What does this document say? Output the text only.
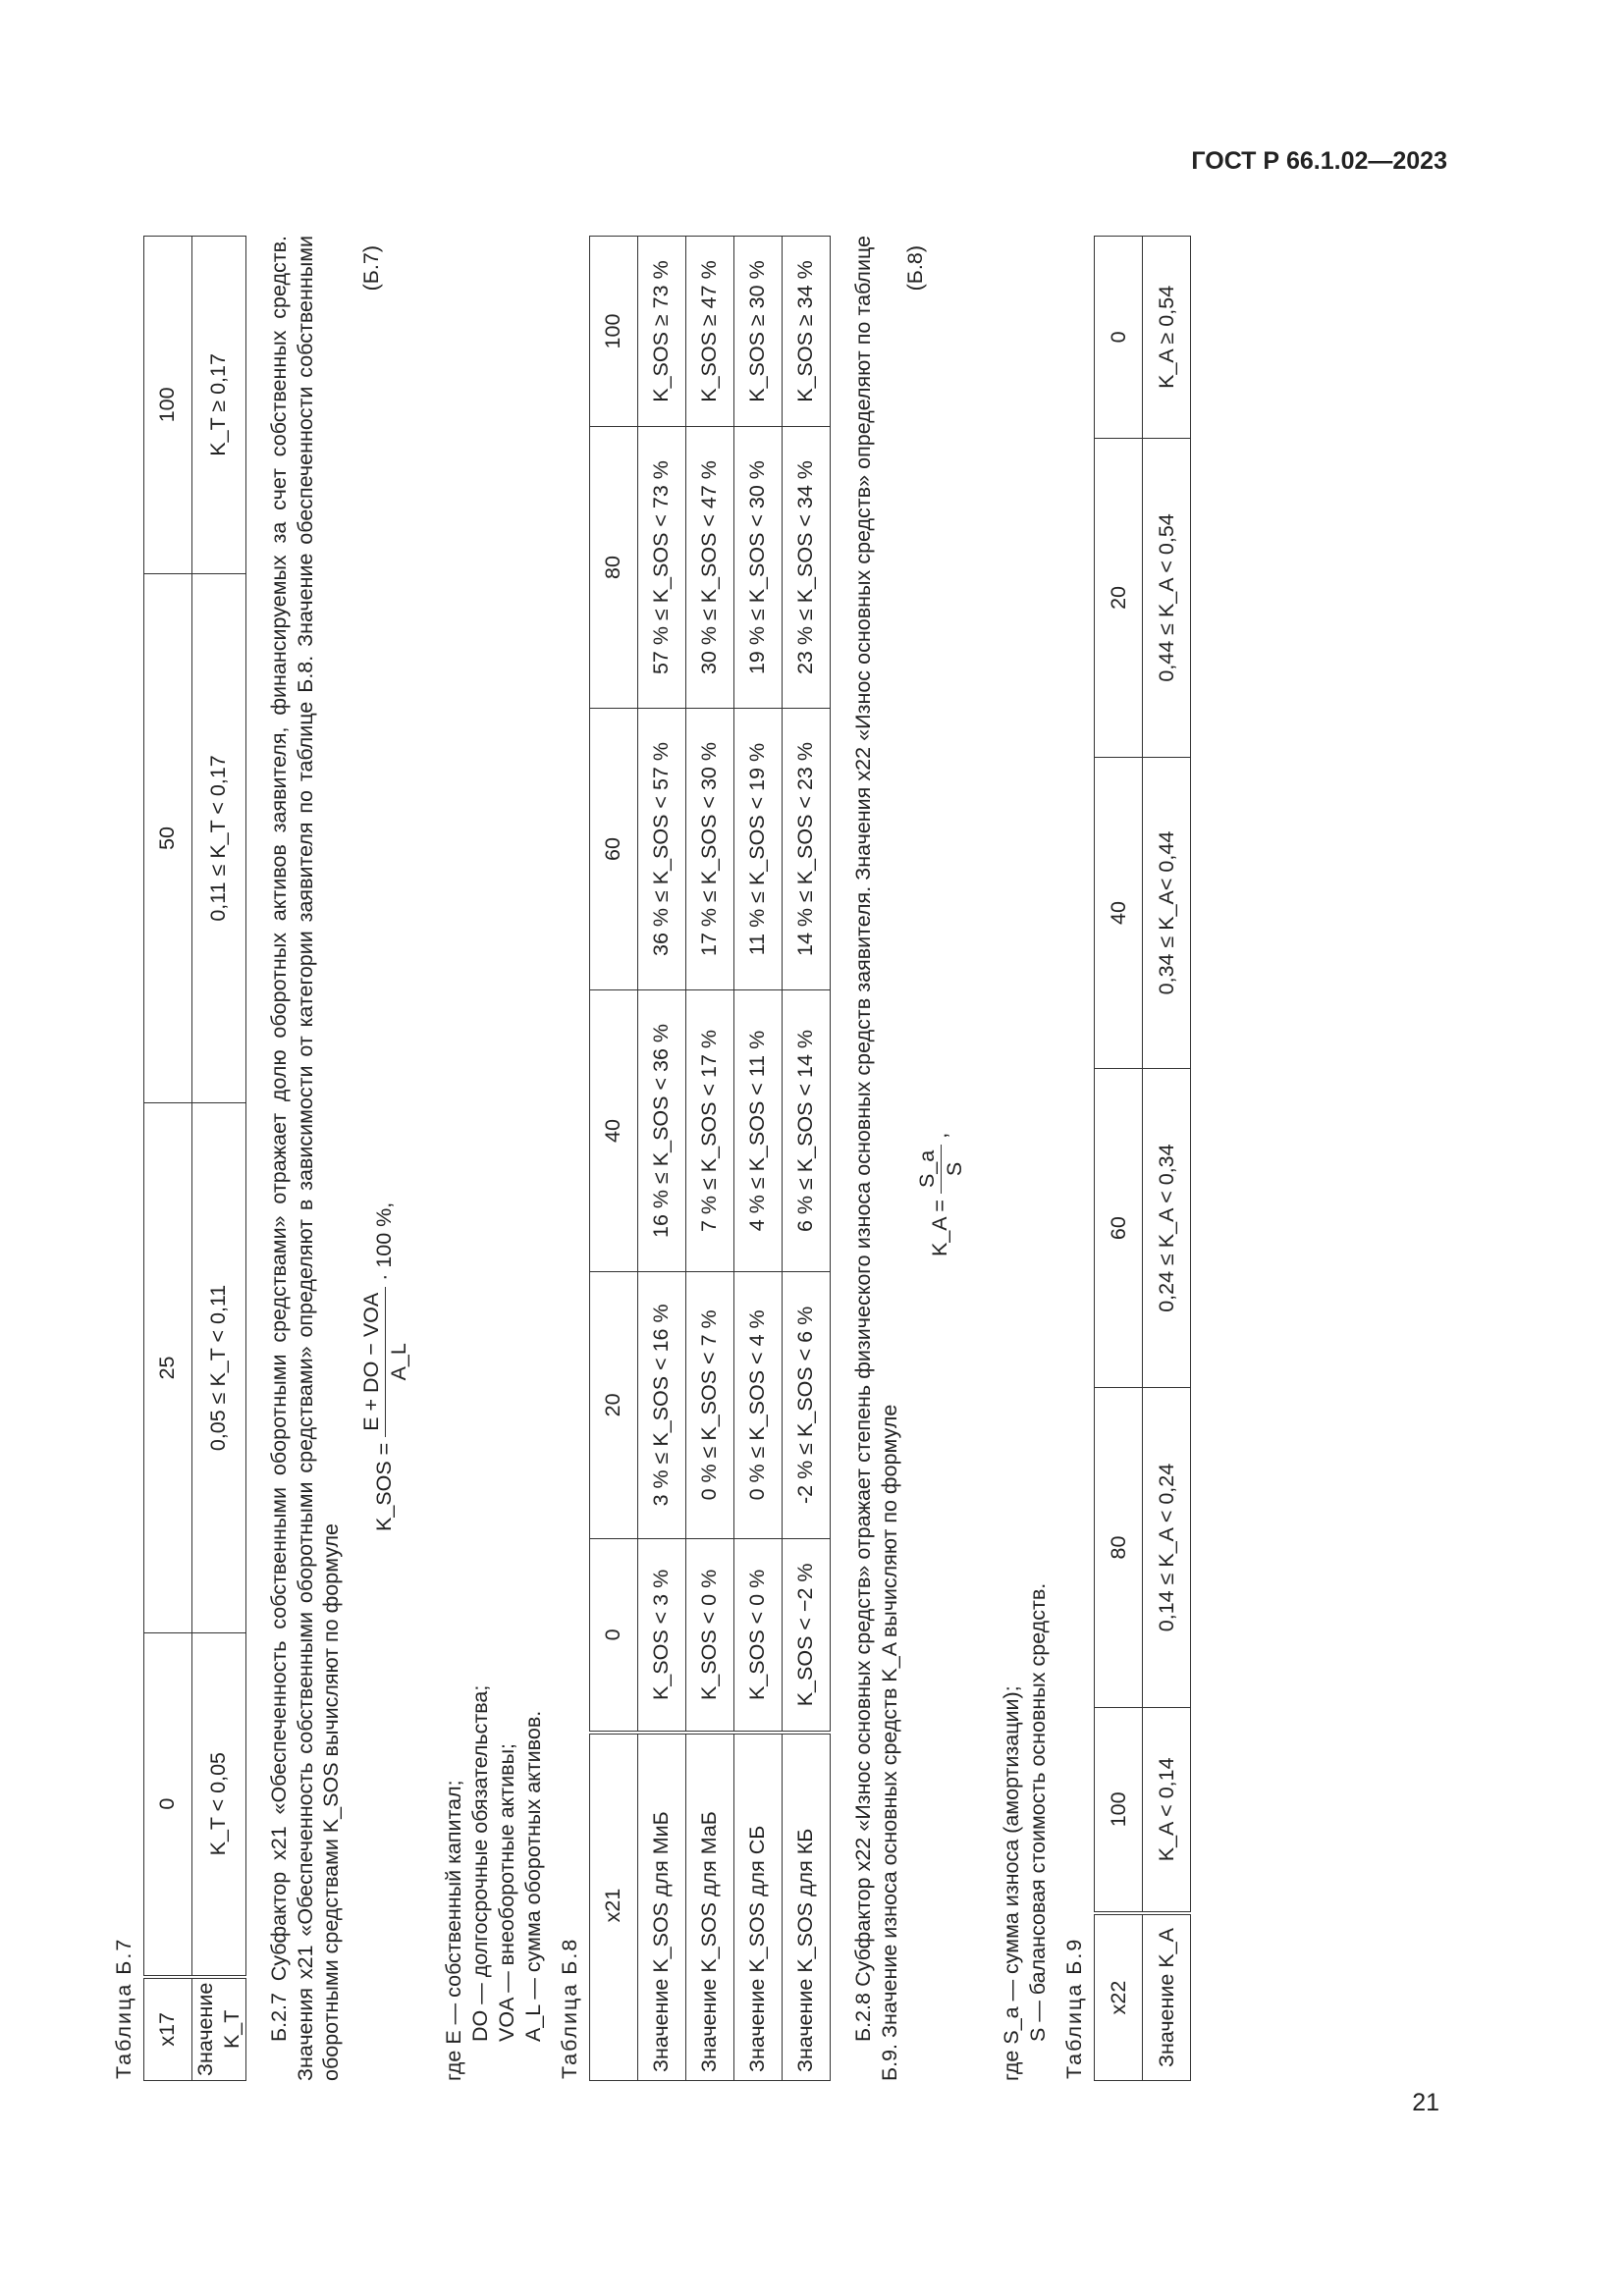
ГОСТ Р 66.1.02—2023
21
Таблица Б.7 x17	0	25	50	100
Значение K_T	K_T < 0,05	0,05 ≤ K_T < 0,11	0,11 ≤ K_T < 0,17	K_T ≥ 0,17 Б.2.7 Субфактор x21 «Обеспеченность собственными оборотными средствами» отражает долю оборотных активов заявителя, финансируемых за счет собственных средств. Значения x21 «Обеспеченность собственными оборотными средствами» определяют в зависимости от категории заявителя по таблице Б.8. Значение обеспеченности собственными оборотными средствами K_SOS вычисляют по формуле

K_SOS =
E + DO − VOA A_L
· 100 %,
(Б.7)
где E — собственный капитал; DO — долгосрочные обязательства; VOA — внеоборотные активы; A_L — сумма оборотных активов. Таблица Б.8
x21	0	20	40	60	80	100
Значение K_SOS для МиБ	K_SOS < 3 %	3 % ≤ K_SOS < 16 %	16 % ≤ K_SOS < 36 %	36 % ≤ K_SOS < 57 %	57 % ≤ K_SOS < 73 %	K_SOS ≥ 73 %
Значение K_SOS для МаБ	K_SOS < 0 %	0 % ≤ K_SOS < 7 %	7 % ≤ K_SOS < 17 %	17 % ≤ K_SOS < 30 %	30 % ≤ K_SOS < 47 %	K_SOS ≥ 47 %
Значение K_SOS для СБ	K_SOS < 0 %	0 % ≤ K_SOS < 4 %	4 % ≤ K_SOS < 11 %	11 % ≤ K_SOS < 19 %	19 % ≤ K_SOS < 30 %	K_SOS ≥ 30 %
Значение K_SOS для КБ	K_SOS < −2 %	-2 % ≤ K_SOS < 6 %	6 % ≤ K_SOS < 14 %	14 % ≤ K_SOS < 23 %	23 % ≤ K_SOS < 34 %	K_SOS ≥ 34 % Б.2.8 Субфактор x22 «Износ основных средств» отражает степень физического износа основных средств заявителя. Значения x22 «Износ основных средств» определяют по таблице Б.9. Значение износа основных средств K_A вычисляют по формуле

K_A =
S_a S
,
(Б.8)
где S_a — сумма износа (амортизации); S — балансовая стоимость основных средств. Таблица Б.9 x22	100	80	60	40	20	0
Значение K_A	K_A < 0,14	0,14 ≤ K_A < 0,24	0,24 ≤ K_A < 0,34	0,34 ≤ K_A< 0,44	0,44 ≤ K_A < 0,54	K_A ≥ 0,54
